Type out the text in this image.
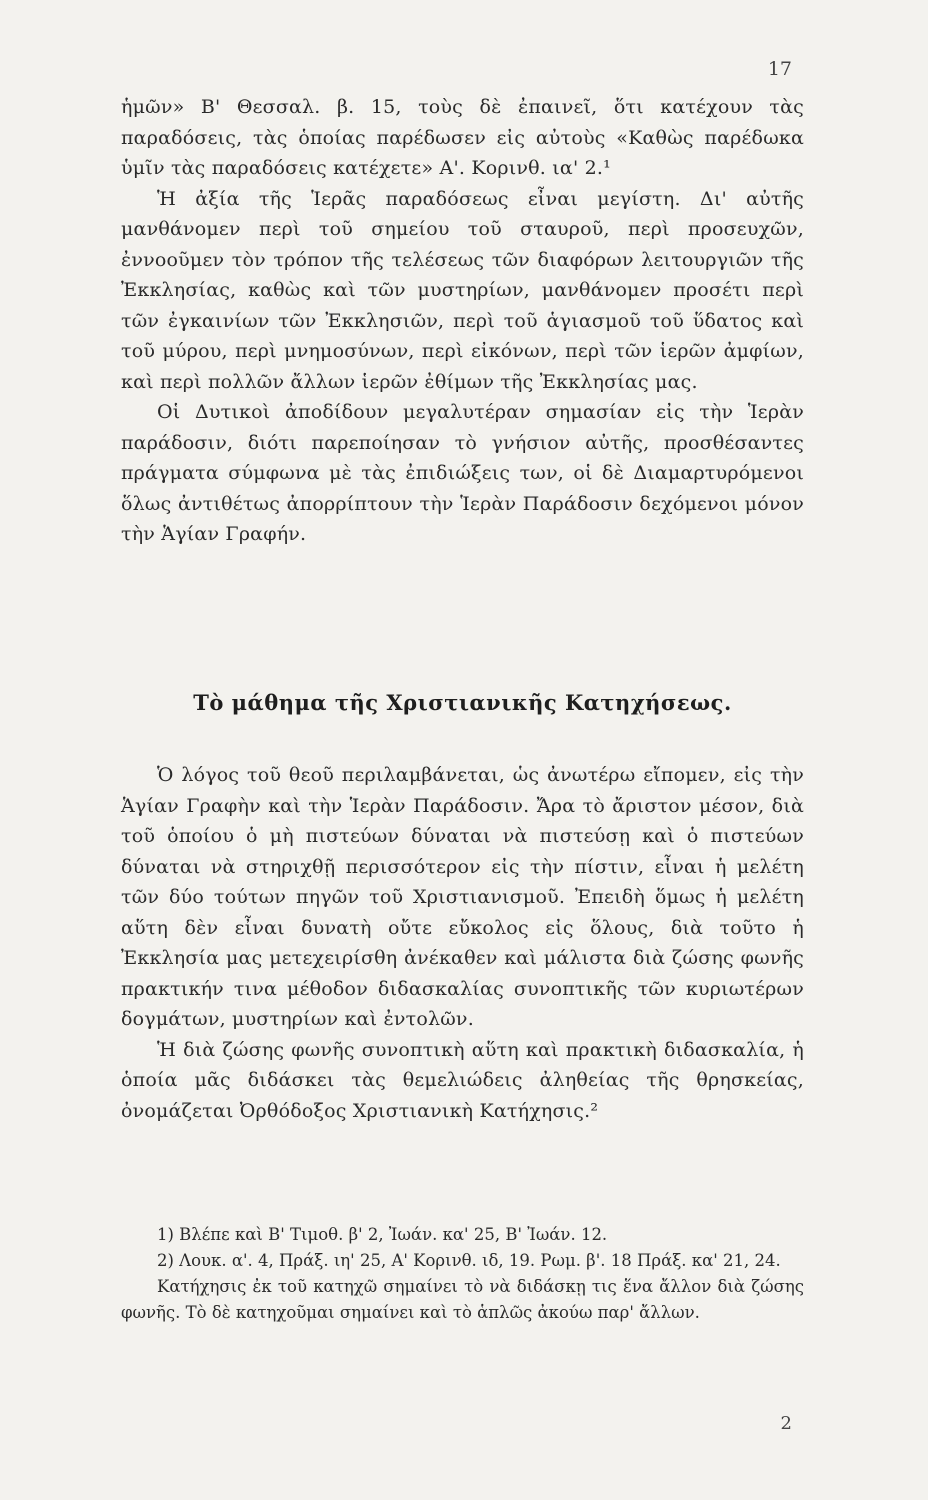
17

ἡμῶν» Β' Θεσσαλ. β. 15, τοὺς δὲ ἐπαινεῖ, ὅτι κατέχουν τὰς παραδόσεις, τὰς ὁποίας παρέδωσεν εἰς αὐτοὺς «Καθὼς παρέδωκα ὑμῖν τὰς παραδόσεις κατέχετε» Α'. Κορινθ. ια' 2.¹

Ἡ ἀξία τῆς Ἱερᾶς παραδόσεως εἶναι μεγίστη. Δι' αὐτῆς μανθάνομεν περὶ τοῦ σημείου τοῦ σταυροῦ, περὶ προσευχῶν, ἐννοοῦμεν τὸν τρόπον τῆς τελέσεως τῶν διαφόρων λειτουργιῶν τῆς Ἐκκλησίας, καθὼς καὶ τῶν μυστηρίων, μανθάνομεν προσέτι περὶ τῶν ἐγκαινίων τῶν Ἐκκλησιῶν, περὶ τοῦ ἁγιασμοῦ τοῦ ὕδατος καὶ τοῦ μύρου, περὶ μνημοσύνων, περὶ εἰκόνων, περὶ τῶν ἱερῶν ἀμφίων, καὶ περὶ πολλῶν ἄλλων ἱερῶν ἐθίμων τῆς Ἐκκλησίας μας.

Οἱ Δυτικοὶ ἀποδίδουν μεγαλυτέραν σημασίαν εἰς τὴν Ἱερὰν παράδοσιν, διότι παρεποίησαν τὸ γνήσιον αὐτῆς, προσθέσαντες πράγματα σύμφωνα μὲ τὰς ἐπιδιώξεις των, οἱ δὲ Διαμαρτυρόμενοι ὅλως ἀντιθέτως ἀπορρίπτουν τὴν Ἱερὰν Παράδοσιν δεχόμενοι μόνον τὴν Ἁγίαν Γραφήν.

Τὸ μάθημα τῆς Χριστιανικῆς Κατηχήσεως.

Ὁ λόγος τοῦ θεοῦ περιλαμβάνεται, ὡς ἀνωτέρω εἴπομεν, εἰς τὴν Ἁγίαν Γραφὴν καὶ τὴν Ἱερὰν Παράδοσιν. Ἄρα τὸ ἄριστον μέσον, διὰ τοῦ ὁποίου ὁ μὴ πιστεύων δύναται νὰ πιστεύσῃ καὶ ὁ πιστεύων δύναται νὰ στηριχθῇ περισσότερον εἰς τὴν πίστιν, εἶναι ἡ μελέτη τῶν δύο τούτων πηγῶν τοῦ Χριστιανισμοῦ. Ἐπειδὴ ὅμως ἡ μελέτη αὕτη δὲν εἶναι δυνατὴ οὔτε εὔκολος εἰς ὅλους, διὰ τοῦτο ἡ Ἐκκλησία μας μετεχειρίσθη ἀνέκαθεν καὶ μάλιστα διὰ ζώσης φωνῆς πρακτικήν τινα μέθοδον διδασκαλίας συνοπτικῆς τῶν κυριωτέρων δογμάτων, μυστηρίων καὶ ἐντολῶν.

Ἡ διὰ ζώσης φωνῆς συνοπτικὴ αὕτη καὶ πρακτικὴ διδασκαλία, ἡ ὁποία μᾶς διδάσκει τὰς θεμελιώδεις ἀληθείας τῆς θρησκείας, ὀνομάζεται Ὀρθόδοξος Χριστιανικὴ Κατήχησις.²

1) Βλέπε καὶ Β' Τιμοθ. β' 2, Ἰωάν. κα' 25, Β' Ἰωάν. 12.

2) Λουκ. α'. 4, Πράξ. ιη' 25, Α' Κορινθ. ιδ, 19. Ρωμ. β'. 18 Πράξ. κα' 21, 24.

Κατήχησις ἐκ τοῦ κατηχῶ σημαίνει τὸ νὰ διδάσκῃ τις ἕνα ἄλλον διὰ ζώσης φωνῆς. Τὸ δὲ κατηχοῦμαι σημαίνει καὶ τὸ ἁπλῶς ἀκούω παρ' ἄλλων.

2
